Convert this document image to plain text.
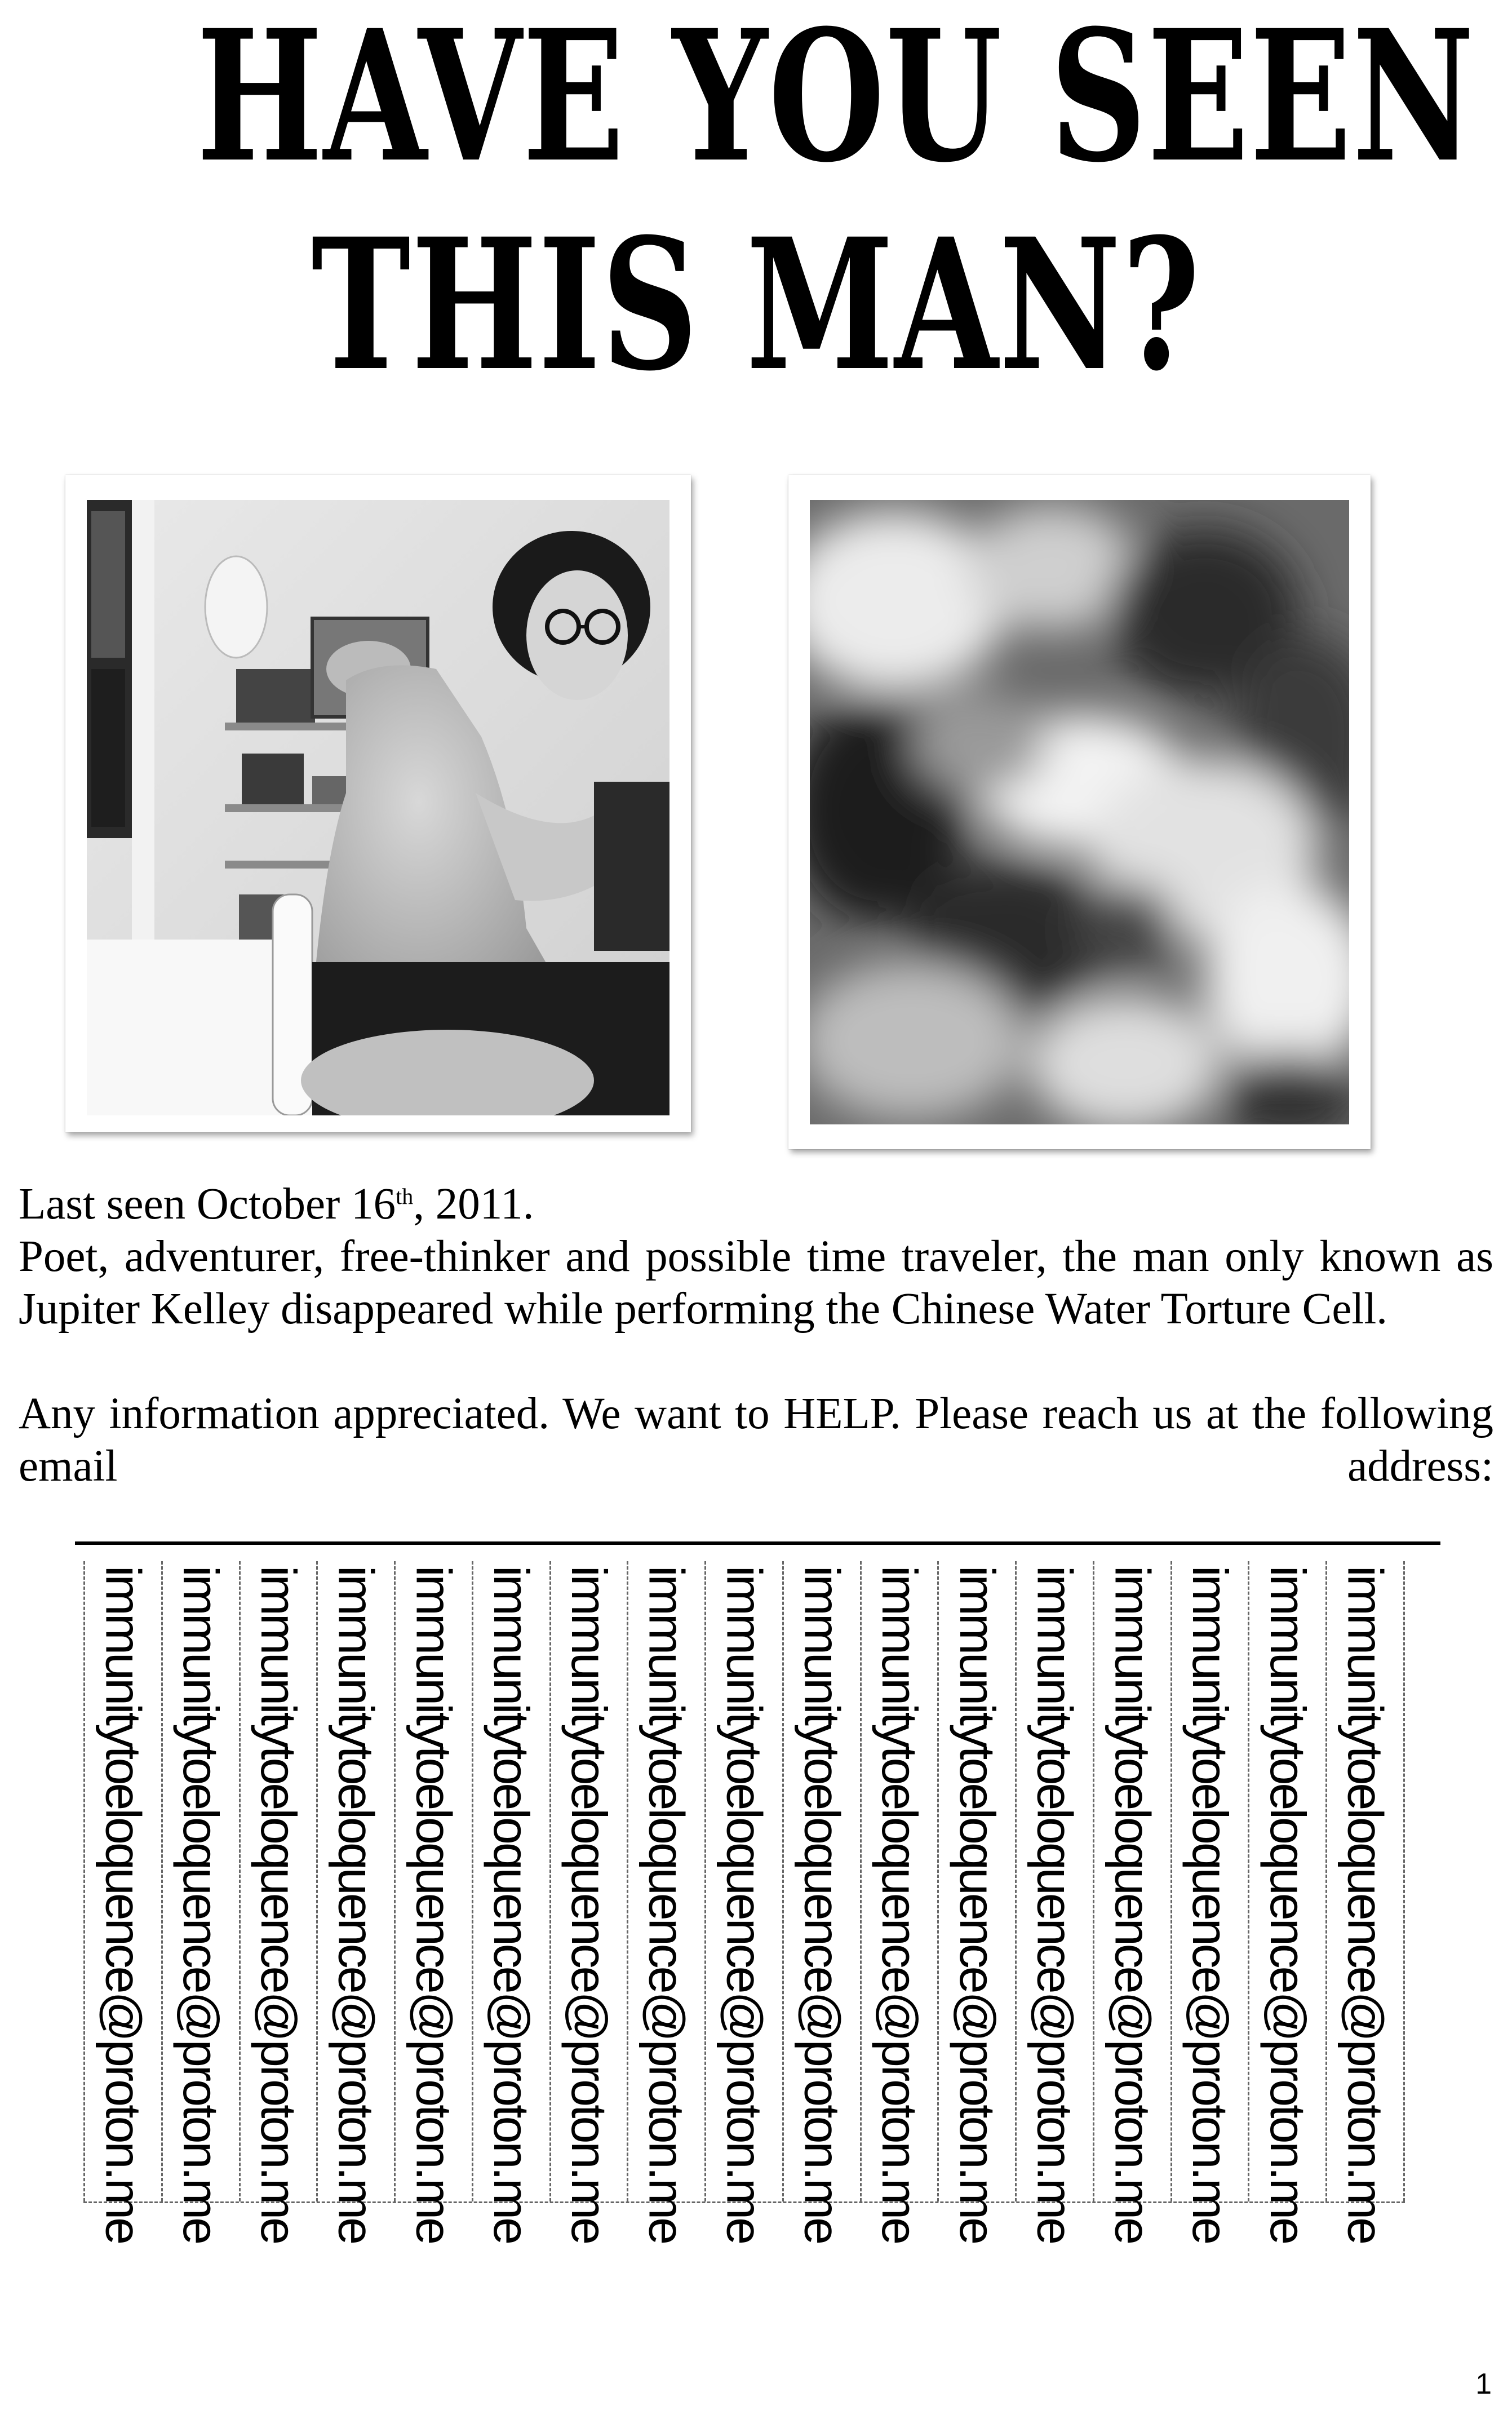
HAVE YOU SEEN
THIS MAN?

Last seen October 16th, 2011.

Poet, adventurer, free-thinker and possible time traveler, the man only known as Jupiter Kelley disappeared while performing the Chinese Water Torture Cell.

Any information appreciated. We want to HELP. Please reach us at the following email address:

immunitytoeloquence@proton.me immunitytoeloquence@proton.me immunitytoeloquence@proton.me immunitytoeloquence@proton.me immunitytoeloquence@proton.me immunitytoeloquence@proton.me immunitytoeloquence@proton.me immunitytoeloquence@proton.me immunitytoeloquence@proton.me immunitytoeloquence@proton.me immunitytoeloquence@proton.me immunitytoeloquence@proton.me immunitytoeloquence@proton.me immunitytoeloquence@proton.me immunitytoeloquence@proton.me immunitytoeloquence@proton.me immunitytoeloquence@proton.me
1
